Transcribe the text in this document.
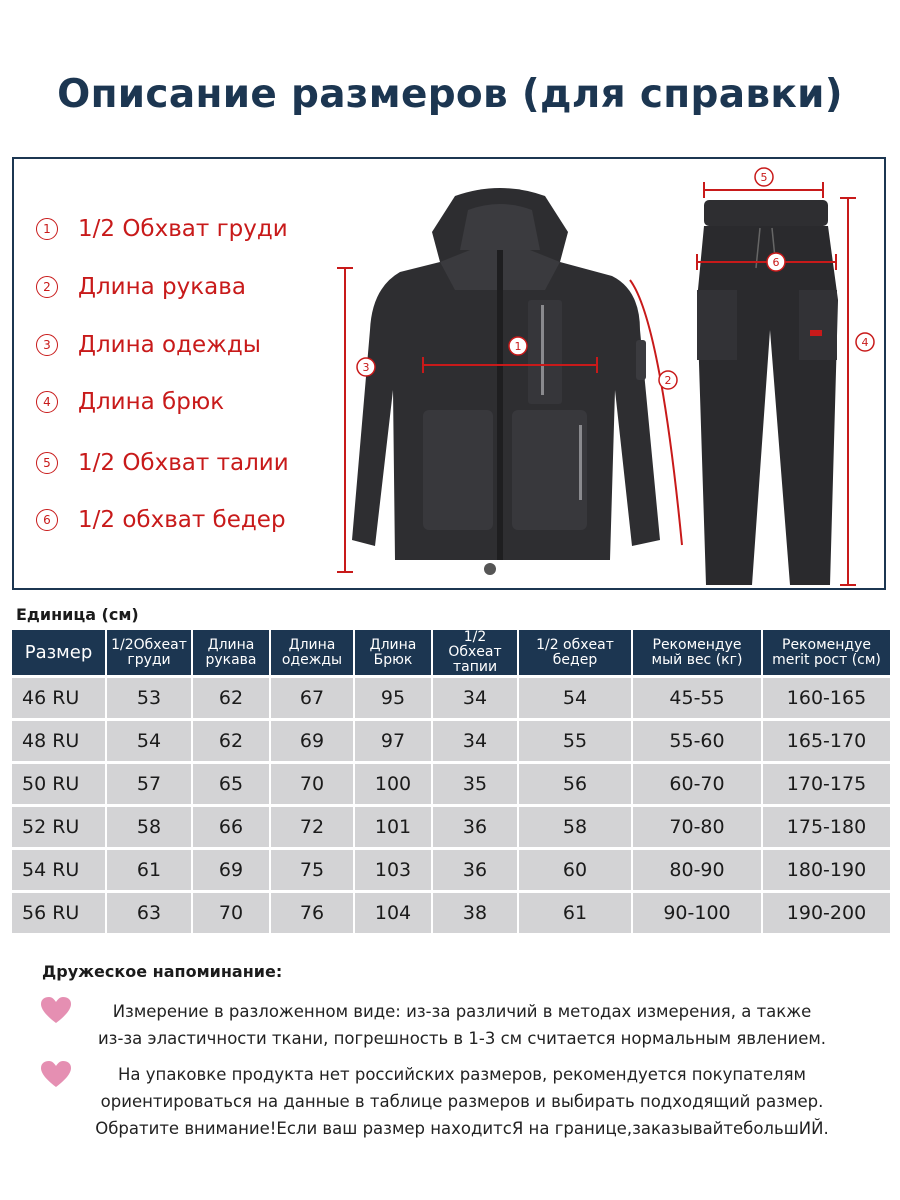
Описание размеров (для справки)
1	1/2 Обхват груди
2	Длина рукава
3	Длина одежды
4	Длина брюк
5	1/2 Обхват талии
6	1/2 обхват бедер
3
1
2
4
5
6
Единица (см)
Размер	1/2Обхеат груди	Длина рукава	Длина одежды	Длина Брюк	1/2 Обхеат тапии	1/2 обхеат бедер	Рекомендуе мый вес (кг)	Рекомендуе merit рост (см)
46 RU	53	62	67	95	34	54	45-55	160-165
48 RU	54	62	69	97	34	55	55-60	165-170
50 RU	57	65	70	100	35	56	60-70	170-175
52 RU	58	66	72	101	36	58	70-80	175-180
54 RU	61	69	75	103	36	60	80-90	180-190
56 RU	63	70	76	104	38	61	90-100	190-200
Дружеское напоминание:
Измерение в разложенном виде: из-за различий в методах измерения, а такжe
из-за эластичности ткани, погрешность в 1-3 см считается нормальным явлением.
На упаковке продукта нет российских размеров, рекомендуется покупателям
ориентироваться на данные в таблице размеров и выбирать подходящий размер.
Обратите внимание!Если ваш размер находитсЯ на границе,заказывайтебольшИЙ.
